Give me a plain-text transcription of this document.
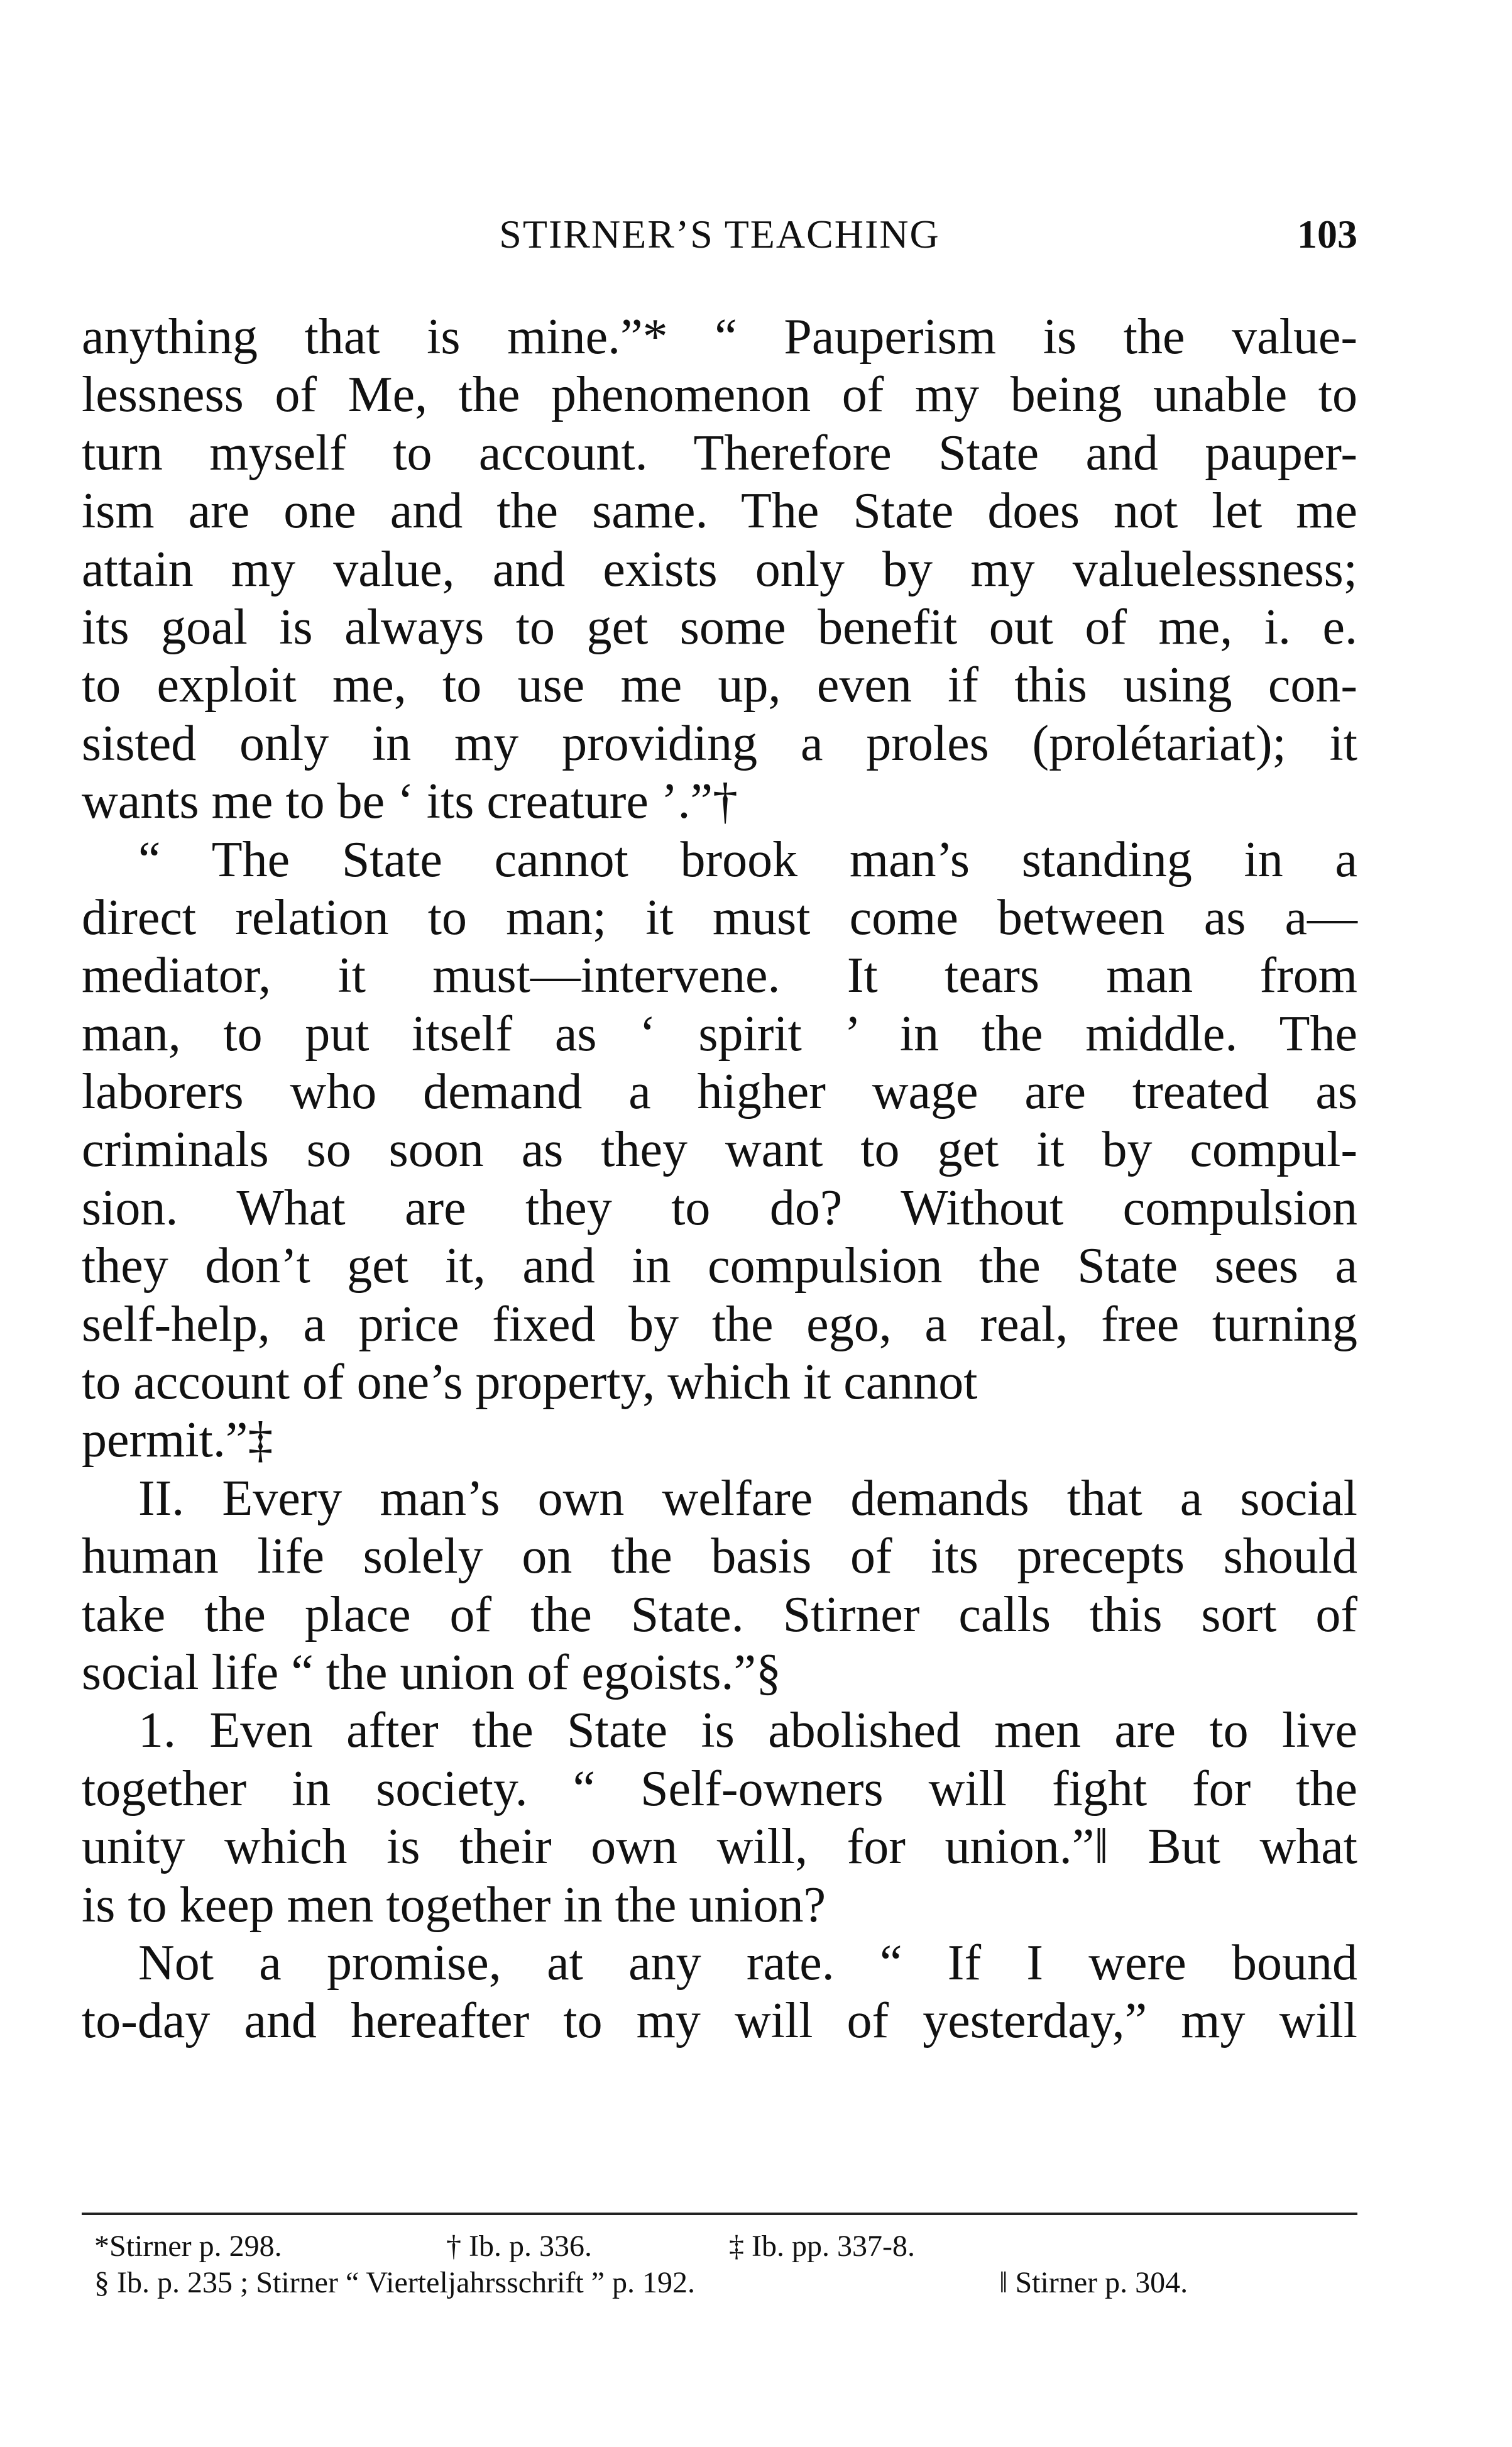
STIRNER’S TEACHING	103
anything that is mine.”* “ Pauperism is the value-
lessness of Me, the phenomenon of my being unable to
turn myself to account. Therefore State and pauper-
ism are one and the same. The State does not let me
attain my value, and exists only by my valuelessness;
its goal is always to get some benefit out of me, i. e.
to exploit me, to use me up, even if this using con-
sisted only in my providing a proles (prolétariat); it
wants me to be ‘ its creature ’.”†
“ The State cannot brook man’s standing in a
direct relation to man; it must come between as a—
mediator, it must—intervene. It tears man from
man, to put itself as ‘ spirit ’ in the middle. The
laborers who demand a higher wage are treated as
criminals so soon as they want to get it by compul-
sion. What are they to do? Without compulsion
they don’t get it, and in compulsion the State sees a
self-help, a price fixed by the ego, a real, free turning
to account of one’s property, which it cannot
permit.”‡
II. Every man’s own welfare demands that a social
human life solely on the basis of its precepts should
take the place of the State. Stirner calls this sort of
social life “ the union of egoists.”§
1. Even after the State is abolished men are to live
together in society. “ Self-owners will fight for the
unity which is their own will, for union.”‖ But what
is to keep men together in the union?
Not a promise, at any rate. “ If I were bound
to-day and hereafter to my will of yesterday,” my will
*Stirner p. 298.	† Ib. p. 336.	‡ Ib. pp. 337-8.
§ Ib. p. 235 ; Stirner “ Vierteljahrsschrift ” p. 192.	‖ Stirner p. 304.
